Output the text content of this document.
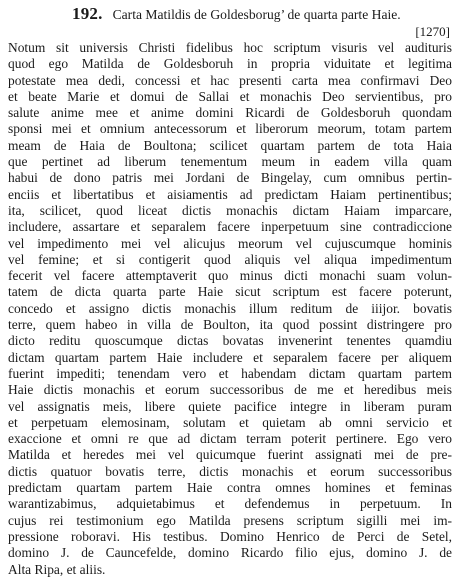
192. Carta Matildis de Goldesborug’ de quarta parte Haie.
[1270]
Notum sit universis Christi fidelibus hoc scriptum visuris vel audituris
quod ego Matilda de Goldesboruh in propria viduitate et legitima
potestate mea dedi, concessi et hac presenti carta mea confirmavi Deo
et beate Marie et domui de Sallai et monachis Deo servientibus, pro
salute anime mee et anime domini Ricardi de Goldesboruh quondam
sponsi mei et omnium antecessorum et liberorum meorum, totam partem
meam de Haia de Boultona; scilicet quartam partem de tota Haia
que pertinet ad liberum tenementum meum in eadem villa quam
habui de dono patris mei Jordani de Bingelay, cum omnibus pertin-
enciis et libertatibus et aisiamentis ad predictam Haiam pertinentibus;
ita, scilicet, quod liceat dictis monachis dictam Haiam imparcare,
includere, assartare et separalem facere inperpetuum sine contradiccione
vel impedimento mei vel alicujus meorum vel cujuscumque hominis
vel femine; et si contigerit quod aliquis vel aliqua impedimentum
fecerit vel facere attemptaverit quo minus dicti monachi suam volun-
tatem de dicta quarta parte Haie sicut scriptum est facere poterunt,
concedo et assigno dictis monachis illum reditum de iiijor. bovatis
terre, quem habeo in villa de Boulton, ita quod possint distringere pro
dicto reditu quoscumque dictas bovatas invenerint tenentes quamdiu
dictam quartam partem Haie includere et separalem facere per aliquem
fuerint impediti; tenendam vero et habendam dictam quartam partem
Haie dictis monachis et eorum successoribus de me et heredibus meis
vel assignatis meis, libere quiete pacifice integre in liberam puram
et perpetuam elemosinam, solutam et quietam ab omni servicio et
exaccione et omni re que ad dictam terram poterit pertinere. Ego vero
Matilda et heredes mei vel quicumque fuerint assignati mei de pre-
dictis quatuor bovatis terre, dictis monachis et eorum successoribus
predictam quartam partem Haie contra omnes homines et feminas
warantizabimus, adquietabimus et defendemus in perpetuum. In
cujus rei testimonium ego Matilda presens scriptum sigilli mei im-
pressione roboravi. His testibus. Domino Henrico de Perci de Setel,
domino J. de Cauncefelde, domino Ricardo filio ejus, domino J. de
Alta Ripa, et aliis.
